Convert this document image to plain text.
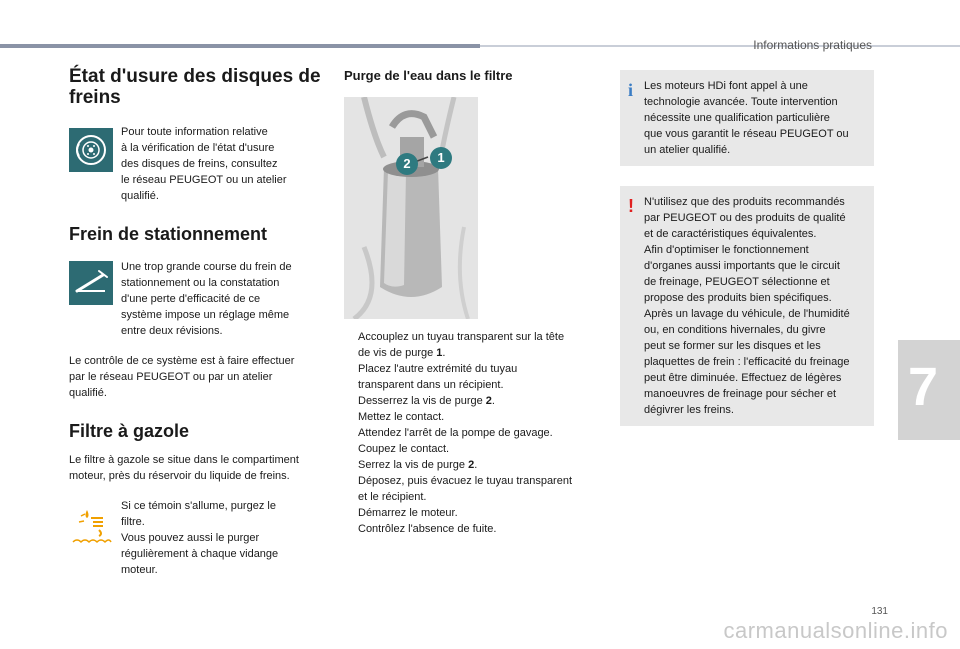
Informations pratiques
7
131
carmanualsonline.info
État d'usure des disques de
freins

Pour toute information relative
à la vérification de l'état d'usure
des disques de freins, consultez
le réseau PEUGEOT ou un atelier
qualifié.

Frein de stationnement

Une trop grande course du frein de
stationnement ou la constatation
d'une perte d'efficacité de ce
système impose un réglage même
entre deux révisions.

Le contrôle de ce système est à faire effectuer
par le réseau PEUGEOT ou par un atelier
qualifié.

Filtre à gazole

Le filtre à gazole se situe dans le compartiment
moteur, près du réservoir du liquide de freins.

Si ce témoin s'allume, purgez le
filtre.
Vous pouvez aussi le purger
régulièrement à chaque vidange
moteur.

Purge de l'eau dans le filtre
2	1
Accouplez un tuyau transparent sur la tête
de vis de purge 1.
Placez l'autre extrémité du tuyau
transparent dans un récipient.
Desserrez la vis de purge 2.
Mettez le contact.
Attendez l'arrêt de la pompe de gavage.
Coupez le contact.
Serrez la vis de purge 2.
Déposez, puis évacuez le tuyau transparent
et le récipient.
Démarrez le moteur.
Contrôlez l'absence de fuite.
i Les moteurs HDi font appel à une
technologie avancée. Toute intervention
nécessite une qualification particulière
que vous garantit le réseau PEUGEOT ou
un atelier qualifié.

! N'utilisez que des produits recommandés
par PEUGEOT ou des produits de qualité
et de caractéristiques équivalentes.
Afin d'optimiser le fonctionnement
d'organes aussi importants que le circuit
de freinage, PEUGEOT sélectionne et
propose des produits bien spécifiques.
Après un lavage du véhicule, de l'humidité
ou, en conditions hivernales, du givre
peut se former sur les disques et les
plaquettes de frein : l'efficacité du freinage
peut être diminuée. Effectuez de légères
manoeuvres de freinage pour sécher et
dégivrer les freins.
